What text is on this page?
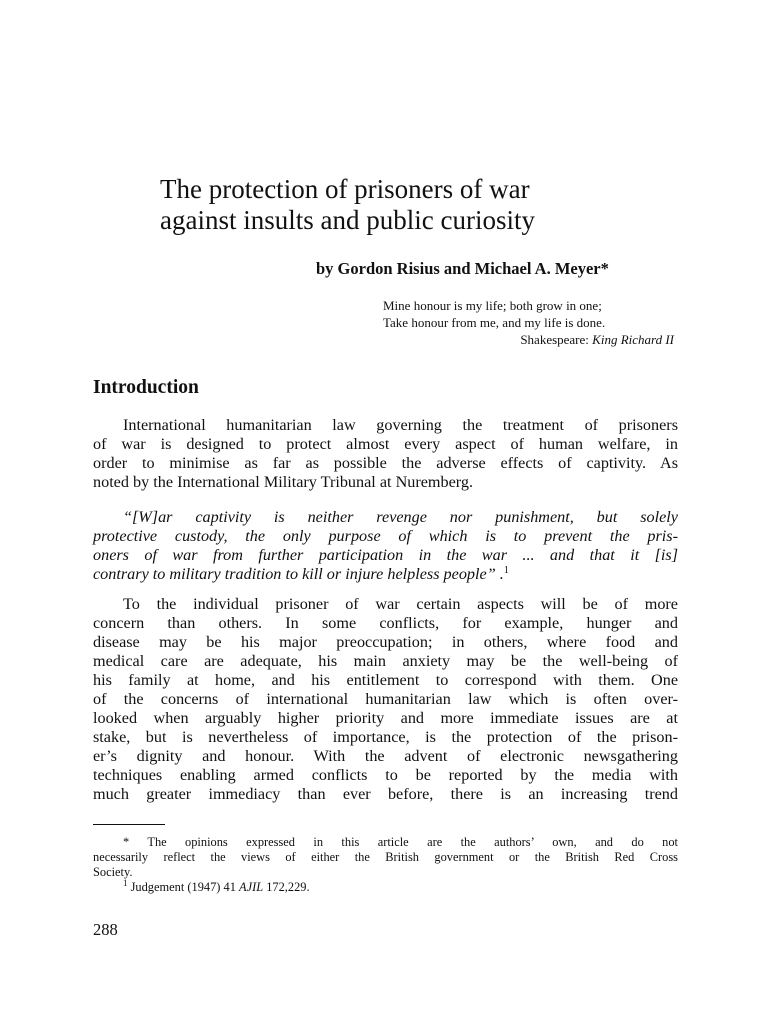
The protection of prisoners of war
against insults and public curiosity

by Gordon Risius and Michael A. Meyer*

Mine honour is my life; both grow in one;
Take honour from me, and my life is done.
Shakespeare: King Richard II
Introduction
International humanitarian law governing the treatment of prisoners
of war is designed to protect almost every aspect of human welfare, in
order to minimise as far as possible the adverse effects of captivity. As
noted by the International Military Tribunal at Nuremberg.
“[W]ar captivity is neither revenge nor punishment, but solely
protective custody, the only purpose of which is to prevent the pris-
oners of war from further participation in the war ... and that it [is]
contrary to military tradition to kill or injure helpless people” .$^1$
To the individual prisoner of war certain aspects will be of more
concern than others. In some conflicts, for example, hunger and
disease may be his major preoccupation; in others, where food and
medical care are adequate, his main anxiety may be the well-being of
his family at home, and his entitlement to correspond with them. One
of the concerns of international humanitarian law which is often over-
looked when arguably higher priority and more immediate issues are at
stake, but is nevertheless of importance, is the protection of the prison-
er’s dignity and honour. With the advent of electronic newsgathering
techniques enabling armed conflicts to be reported by the media with
much greater immediacy than ever before, there is an increasing trend
* The opinions expressed in this article are the authors’ own, and do not
necessarily reflect the views of either the British government or the British Red Cross
Society.
$^1$ Judgement (1947) 41 AJIL 172,229.
288
